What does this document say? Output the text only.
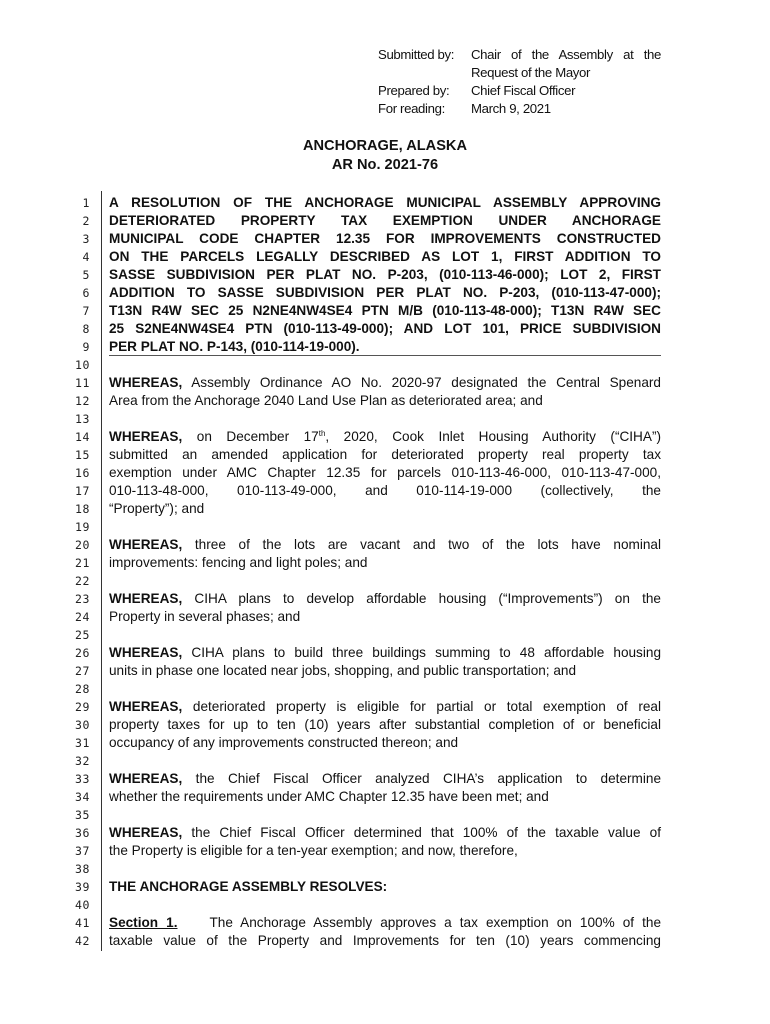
Submitted by:	Chair of the Assembly at the
Request of the Mayor
Prepared by:	Chief Fiscal Officer
For reading:	March 9, 2021
ANCHORAGE, ALASKA
AR No. 2021-76
1
2
3
4
5
6
7
8
9
10
11
12
13
14
15
16
17
18
19
20
21
22
23
24
25
26
27
28
29
30
31
32
33
34
35
36
37
38
39
40
41
42
A RESOLUTION OF THE ANCHORAGE MUNICIPAL ASSEMBLY APPROVING
DETERIORATED PROPERTY TAX EXEMPTION UNDER ANCHORAGE
MUNICIPAL CODE CHAPTER 12.35 FOR IMPROVEMENTS CONSTRUCTED
ON THE PARCELS LEGALLY DESCRIBED AS LOT 1, FIRST ADDITION TO
SASSE SUBDIVISION PER PLAT NO. P-203, (010-113-46-000); LOT 2, FIRST
ADDITION TO SASSE SUBDIVISION PER PLAT NO. P-203, (010-113-47-000);
T13N R4W SEC 25 N2NE4NW4SE4 PTN M/B (010-113-48-000); T13N R4W SEC
25 S2NE4NW4SE4 PTN (010-113-49-000); AND LOT 101, PRICE SUBDIVISION
PER PLAT NO. P-143, (010-114-19-000).
WHEREAS, Assembly Ordinance AO No. 2020-97 designated the Central Spenard
Area from the Anchorage 2040 Land Use Plan as deteriorated area; and
WHEREAS, on December 17th, 2020, Cook Inlet Housing Authority (“CIHA”)
submitted an amended application for deteriorated property real property tax
exemption under AMC Chapter 12.35 for parcels 010-113-46-000, 010-113-47-000,
010-113-48-000, 010-113-49-000, and 010-114-19-000 (collectively, the
“Property”); and
WHEREAS, three of the lots are vacant and two of the lots have nominal
improvements: fencing and light poles; and
WHEREAS, CIHA plans to develop affordable housing (“Improvements”) on the
Property in several phases; and
WHEREAS, CIHA plans to build three buildings summing to 48 affordable housing
units in phase one located near jobs, shopping, and public transportation; and
WHEREAS, deteriorated property is eligible for partial or total exemption of real
property taxes for up to ten (10) years after substantial completion of or beneficial
occupancy of any improvements constructed thereon; and
WHEREAS, the Chief Fiscal Officer analyzed CIHA’s application to determine
whether the requirements under AMC Chapter 12.35 have been met; and
WHEREAS, the Chief Fiscal Officer determined that 100% of the taxable value of
the Property is eligible for a ten-year exemption; and now, therefore,
THE ANCHORAGE ASSEMBLY RESOLVES:
Section 1.    The Anchorage Assembly approves a tax exemption on 100% of the
taxable value of the Property and Improvements for ten (10) years commencing
